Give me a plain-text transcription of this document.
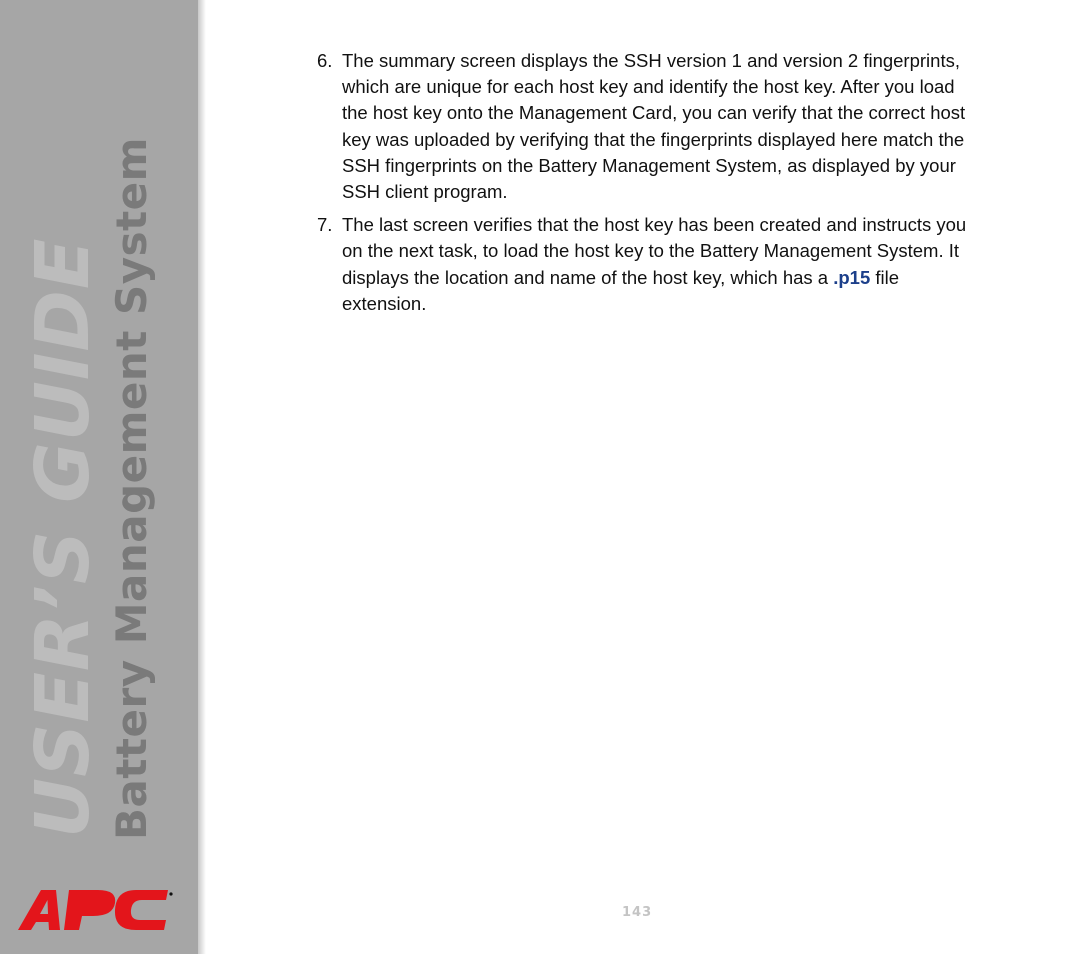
USER’S GUIDE Battery Management System
6. The summary screen displays the SSH version 1 and version 2 fingerprints, which are unique for each host key and identify the host key. After you load the host key onto the Management Card, you can verify that the correct host key was uploaded by verifying that the fingerprints displayed here match the SSH fingerprints on the Battery Management System, as displayed by your SSH client program.
7. The last screen verifies that the host key has been created and instructs you on the next task, to load the host key to the Battery Management System. It displays the location and name of the host key, which has a .p15 file extension.
143
